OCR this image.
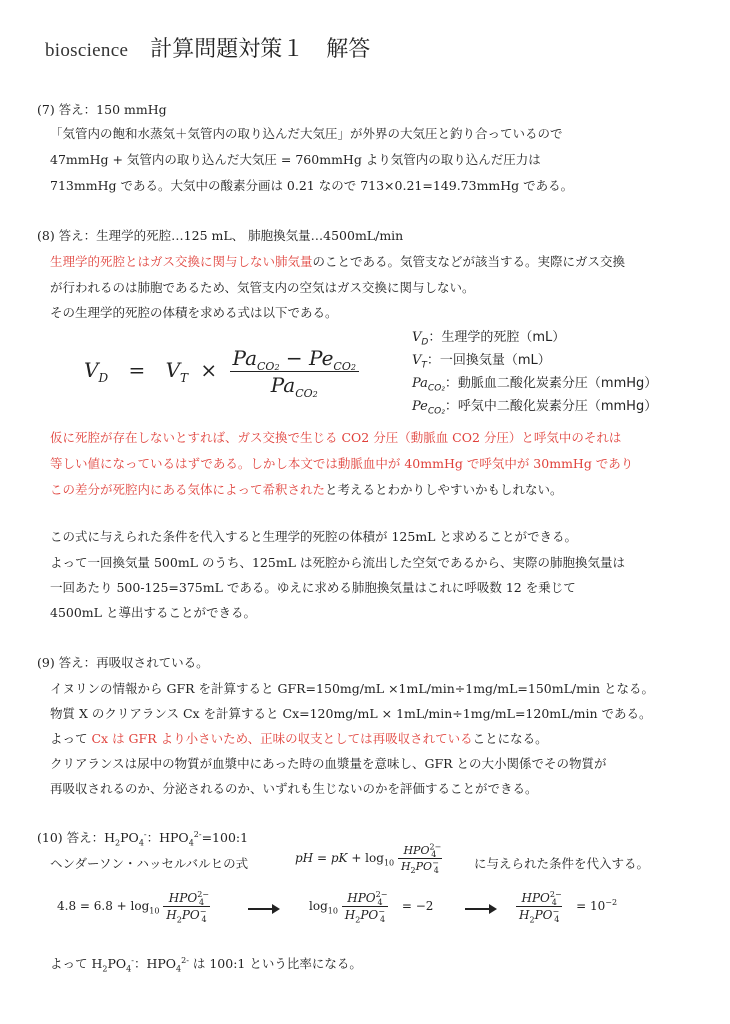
bioscience 計算問題対策１　解答
(7) 答え：150 mmHg
「気管内の飽和水蒸気＋気管内の取り込んだ大気圧」が外界の大気圧と釣り合っているので
47mmHg + 気管内の取り込んだ大気圧 = 760mmHg より気管内の取り込んだ圧力は
713mmHg である。大気中の酸素分画は 0.21 なので 713×0.21=149.73mmHg である。
(8) 答え：生理学的死腔…125 mL、 肺胞換気量…4500mL/min
生理学的死腔とはガス交換に関与しない肺気量のことである。気管支などが該当する。実際にガス交換
が行われるのは肺胞であるため、気管支内の空気はガス交換に関与しない。
その生理学的死腔の体積を求める式は以下である。
$V_D = V_T \times \frac{Pa_{CO2} - Pe_{CO2}}{Pa_{CO2}}$
$V_D$：生理学的死腔（mL）
$V_T$：一回換気量（mL）
$Pa_{CO_2}$：動脈血二酸化炭素分圧（mmHg）
$Pe_{CO_2}$：呼気中二酸化炭素分圧（mmHg）
仮に死腔が存在しないとすれば、ガス交換で生じる CO2 分圧（動脈血 CO2 分圧）と呼気中のそれは
等しい値になっているはずである。しかし本文では動脈血中が 40mmHg で呼気中が 30mmHg であり
この差分が死腔内にある気体によって希釈されたと考えるとわかりしやすいかもしれない。
この式に与えられた条件を代入すると生理学的死腔の体積が 125mL と求めることができる。
よって一回換気量 500mL のうち、125mL は死腔から流出した空気であるから、実際の肺胞換気量は
一回あたり 500-125=375mL である。ゆえに求める肺胞換気量はこれに呼吸数 12 を乗じて
4500mL と導出することができる。
(9) 答え：再吸収されている。
イヌリンの情報から GFR を計算すると GFR=150mg/mL ×1mL/min÷1mg/mL=150mL/min となる。
物質 X のクリアランス Cx を計算すると Cx=120mg/mL × 1mL/min÷1mg/mL=120mL/min である。
よって Cx は GFR より小さいため、正味の収支としては再吸収されていることになる。
クリアランスは尿中の物質が血漿中にあった時の血漿量を意味し、GFR との大小関係でその物質が
再吸収されるのか、分泌されるのか、いずれも生じないのかを評価することができる。
(10) 答え：$H_2PO_4^-$：$HPO_4^{2-}=100:1$
ヘンダーソン・ハッセルバルヒの式	pH = pK + $\log_{10} \frac{HPO^{2-}_4}{H_2PO^-_4}$	に与えられた条件を代入する。
$4.8 = 6.8 + \log_{10} \frac{HPO^{2-}_4}{H_2PO^-_4}$	$\log_{10} \frac{HPO^{2-}_4}{H_2PO^-_4} = -2$	$\frac{HPO^{2-}_4}{H_2PO^-_4} = 10^{-2}$
よって $H_2PO_4^-$：$HPO_4^{2-}$ は 100:1 という比率になる。
